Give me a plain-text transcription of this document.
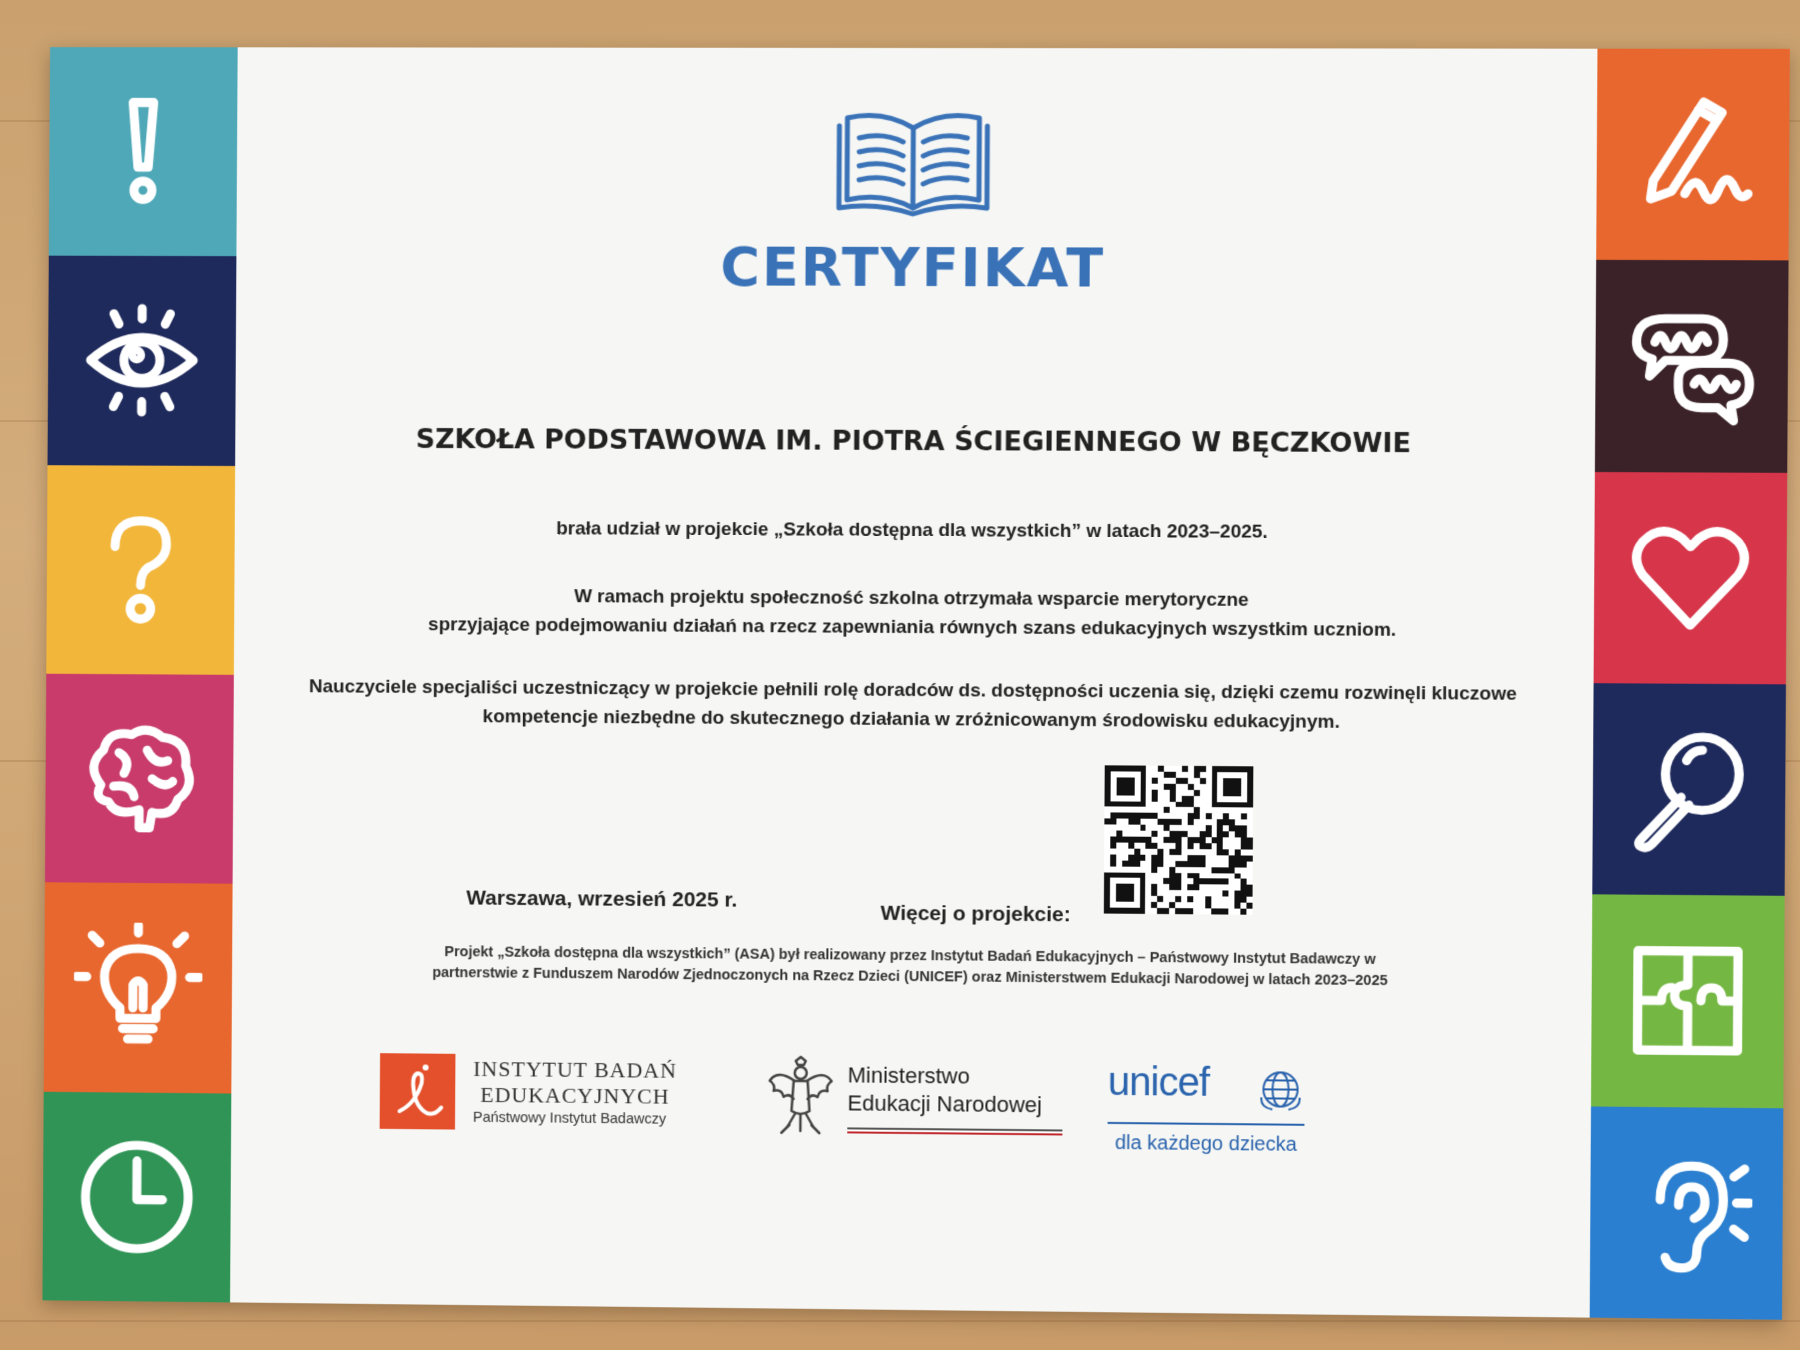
CERTYFIKAT
SZKOŁA PODSTAWOWA IM. PIOTRA ŚCIEGIENNEGO W BĘCZKOWIE
brała udział w projekcie „Szkoła dostępna dla wszystkich” w latach 2023–2025.
W ramach projektu społeczność szkolna otrzymała wsparcie merytoryczne
sprzyjające podejmowaniu działań na rzecz zapewniania równych szans edukacyjnych wszystkim uczniom.
Nauczyciele specjaliści uczestniczący w projekcie pełnili rolę doradców ds. dostępności uczenia się, dzięki czemu rozwinęli kluczowe
kompetencje niezbędne do skutecznego działania w zróżnicowanym środowisku edukacyjnym.
Warszawa, wrzesień 2025 r.
Więcej o projekcie:
Projekt „Szkoła dostępna dla wszystkich” (ASA) był realizowany przez Instytut Badań Edukacyjnych – Państwowy Instytut Badawczy w
partnerstwie z Funduszem Narodów Zjednoczonych na Rzecz Dzieci (UNICEF) oraz Ministerstwem Edukacji Narodowej w latach 2023–2025
INSTYTUT BADAŃ
EDUKACYJNYCH
Państwowy Instytut Badawczy
Ministerstwo
Edukacji Narodowej unicef
dla każdego dziecka
